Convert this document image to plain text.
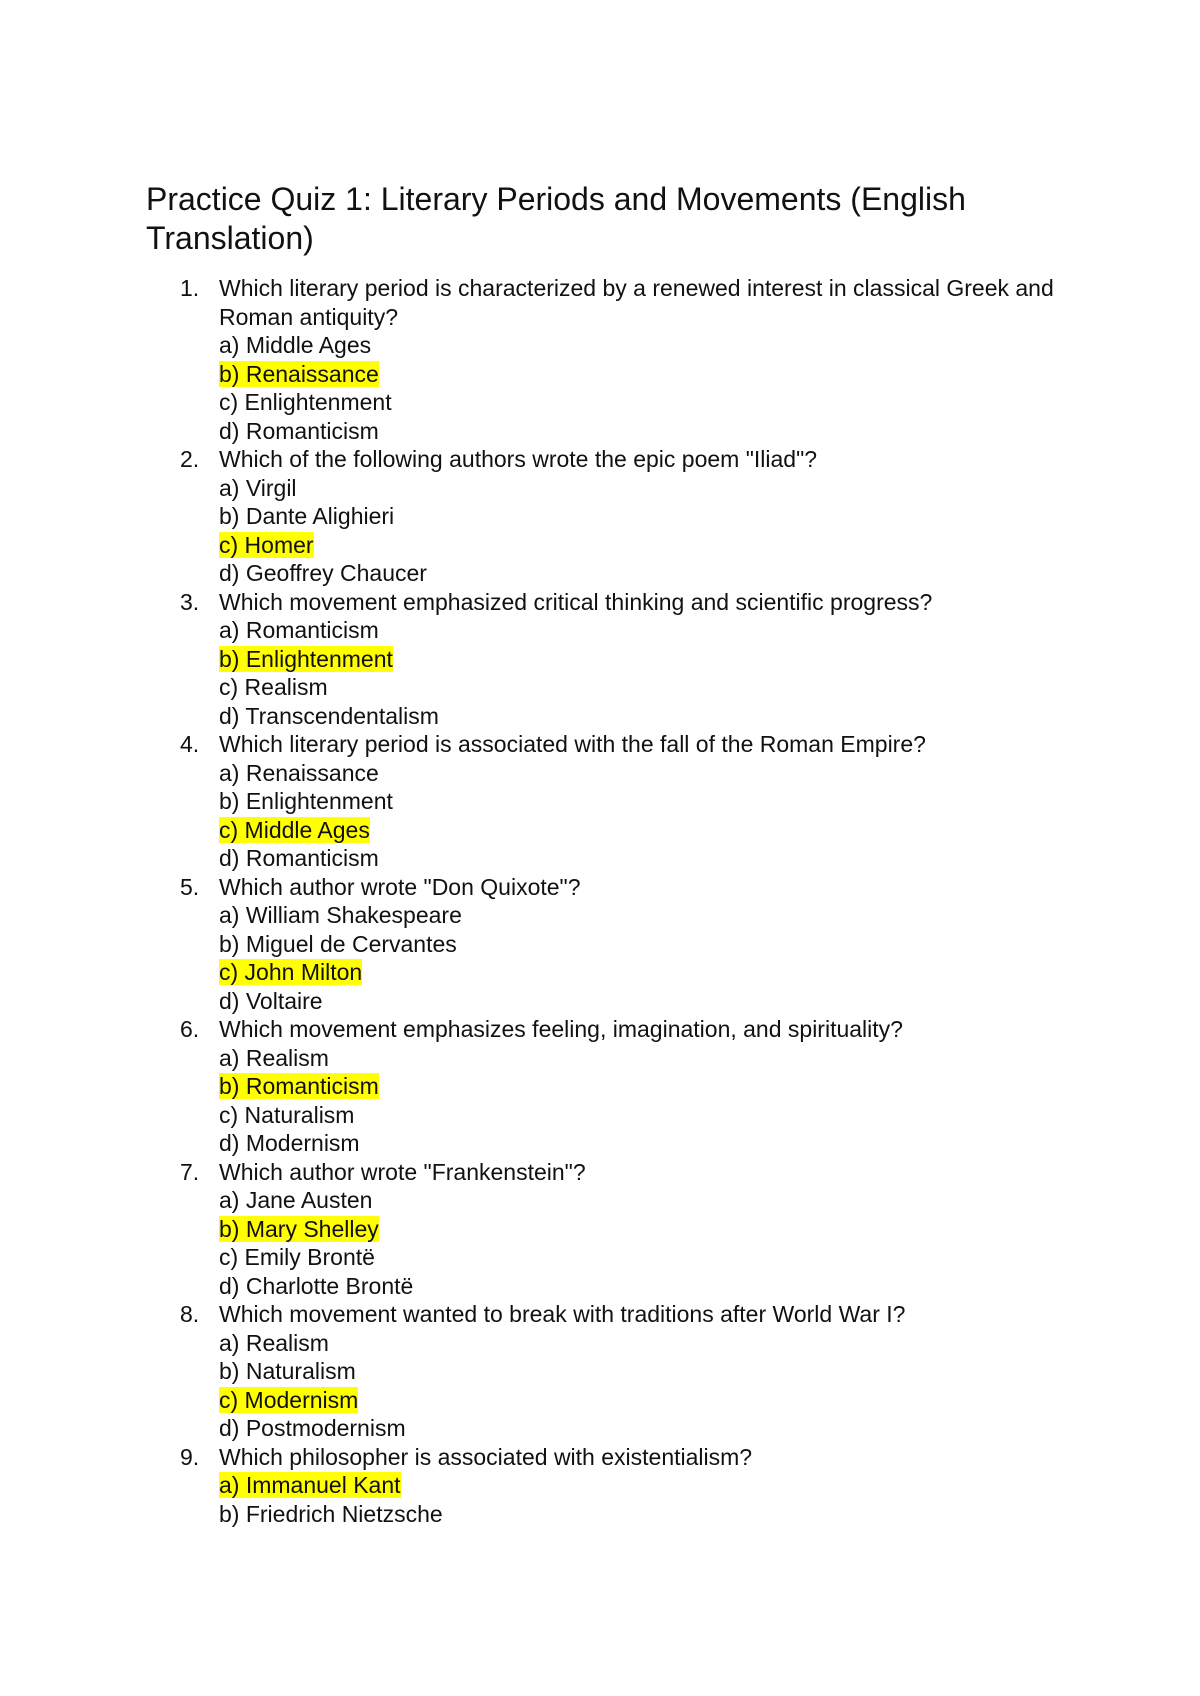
Practice Quiz 1: Literary Periods and Movements (English Translation)
1. Which literary period is characterized by a renewed interest in classical Greek and Roman antiquity?
a) Middle Ages
b) Renaissance
c) Enlightenment
d) Romanticism
2. Which of the following authors wrote the epic poem "Iliad"?
a) Virgil
b) Dante Alighieri
c) Homer
d) Geoffrey Chaucer
3. Which movement emphasized critical thinking and scientific progress?
a) Romanticism
b) Enlightenment
c) Realism
d) Transcendentalism
4. Which literary period is associated with the fall of the Roman Empire?
a) Renaissance
b) Enlightenment
c) Middle Ages
d) Romanticism
5. Which author wrote "Don Quixote"?
a) William Shakespeare
b) Miguel de Cervantes
c) John Milton
d) Voltaire
6. Which movement emphasizes feeling, imagination, and spirituality?
a) Realism
b) Romanticism
c) Naturalism
d) Modernism
7. Which author wrote "Frankenstein"?
a) Jane Austen
b) Mary Shelley
c) Emily Brontë
d) Charlotte Brontë
8. Which movement wanted to break with traditions after World War I?
a) Realism
b) Naturalism
c) Modernism
d) Postmodernism
9. Which philosopher is associated with existentialism?
a) Immanuel Kant
b) Friedrich Nietzsche
